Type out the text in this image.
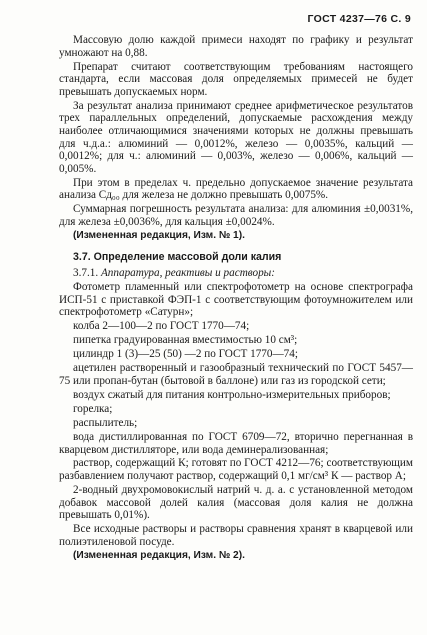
ГОСТ 4237—76 С. 9

Массовую долю каждой примеси находят по графику и результат умножают на 0,88.

Препарат считают соответствующим требованиям настоящего стандарта, если массовая доля определяемых примесей не будет превышать допускаемых норм.

За результат анализа принимают среднее арифметическое результатов трех параллельных определений, допускаемые расхождения между наиболее отличающимися значениями которых не должны превышать для ч.д.а.: алюминий — 0,0012%, железо — 0,0035%, кальций — 0,0012%; для ч.: алюминий — 0,003%, железо — 0,006%, кальций — 0,005%.

При этом в пределах ч. предельно допускаемое значение результата анализа Сд₀₀ для железа не должно превышать 0,0075%.

Суммарная погрешность результата анализа: для алюминия ±0,0031%, для железа ±0,0036%, для кальция ±0,0024%.

(Измененная редакция, Изм. № 1).
3.7. Определение массовой доли калия
3.7.1. Аппаратура, реактивы и растворы:

Фотометр пламенный или спектрофотометр на основе спектрографа ИСП-51 с приставкой ФЭП-1 с соответствующим фотоумножителем или спектрофотометр «Сатурн»;

колба 2—100—2 по ГОСТ 1770—74;

пипетка градуированная вместимостью 10 см³;

цилиндр 1 (3)—25 (50) —2 по ГОСТ 1770—74;

ацетилен растворенный и газообразный технический по ГОСТ 5457—75 или пропан-бутан (бытовой в баллоне) или газ из городской сети;

воздух сжатый для питания контрольно-измерительных приборов;

горелка;

распылитель;

вода дистиллированная по ГОСТ 6709—72, вторично перегнанная в кварцевом дистилляторе, или вода деминерализованная;

раствор, содержащий К; готовят по ГОСТ 4212—76; соответствующим разбавлением получают раствор, содержащий 0,1 мг/см³ К — раствор А;

2-водный двухромовокислый натрий ч. д. а. с установленной методом добавок массовой долей калия (массовая доля калия не должна превышать 0,01%).

Все исходные растворы и растворы сравнения хранят в кварцевой или полиэтиленовой посуде.

(Измененная редакция, Изм. № 2).
